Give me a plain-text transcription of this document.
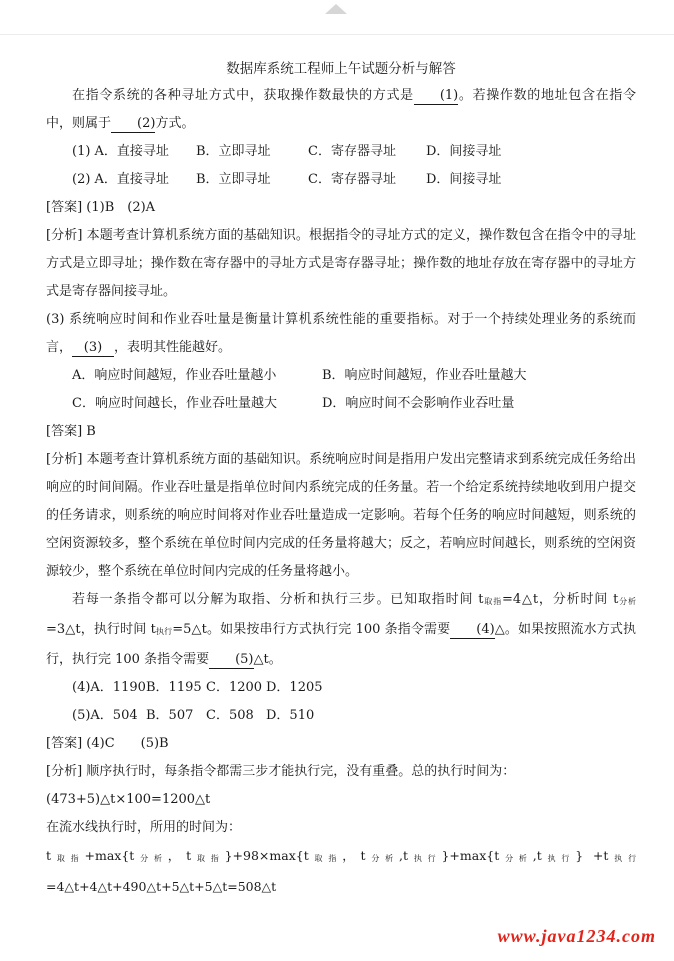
数据库系统工程师上午试题分析与解答

在指令系统的各种寻址方式中，获取操作数最快的方式是 (1)。若操作数的地址包含在指令中，则属于 (2)方式。

(1) A．直接寻址 B．立即寻址	C．寄存器寻址 D．间接寻址

(2) A．直接寻址 B．立即寻址	C．寄存器寻址 D．间接寻址

[答案] (1)B　(2)A

[分析] 本题考查计算机系统方面的基础知识。根据指令的寻址方式的定义，操作数包含在指令中的寻址方式是立即寻址；操作数在寄存器中的寻址方式是寄存器寻址；操作数的地址存放在寄存器中的寻址方式是寄存器间接寻址。

(3) 系统响应时间和作业吞吐量是衡量计算机系统性能的重要指标。对于一个持续处理业务的系统而言， (3) ，表明其性能越好。

A．响应时间越短，作业吞吐量越小	B．响应时间越短，作业吞吐量越大

C．响应时间越长，作业吞吐量越大	D．响应时间不会影响作业吞吐量

[答案] B

[分析] 本题考查计算机系统方面的基础知识。系统响应时间是指用户发出完整请求到系统完成任务给出响应的时间间隔。作业吞吐量是指单位时间内系统完成的任务量。若一个给定系统持续地收到用户提交的任务请求，则系统的响应时间将对作业吞吐量造成一定影响。若每个任务的响应时间越短，则系统的空闲资源较多，整个系统在单位时间内完成的任务量将越大；反之，若响应时间越长，则系统的空闲资源较少，整个系统在单位时间内完成的任务量将越小。

若每一条指令都可以分解为取指、分析和执行三步。已知取指时间 t取指=4△t，分析时间 t分析=3△t，执行时间 t执行=5△t。如果按串行方式执行完 100 条指令需要 (4)△。如果按照流水方式执行，执行完 100 条指令需要 (5)△t。

(4)A．1190B．1195 C．1200 D．1205

(5)A．504 B．507 C．508 D．510

[答案] (4)C　　(5)B

[分析] 顺序执行时，每条指令都需三步才能执行完，没有重叠。总的执行时间为：

(473+5)△t×100=1200△t

在流水线执行时，所用的时间为：

t取指+max{t分析，t取指}+98×max{t取指，t分析,t执行}+max{t分析,t执行} +t执行=4△t+4△t+490△t+5△t+5△t=508△t

www.java1234.com
